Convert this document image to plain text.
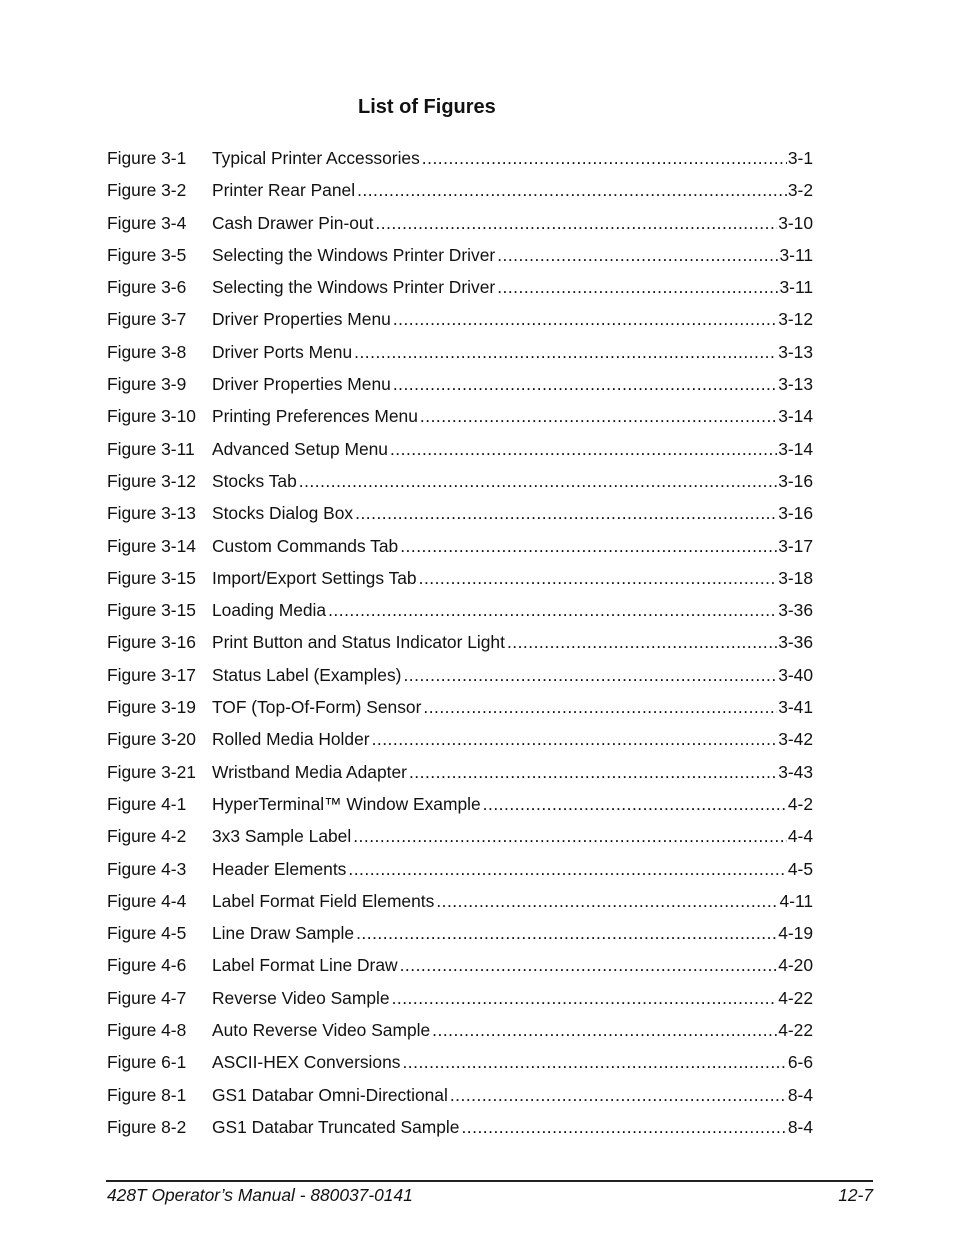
List of Figures
Figure 3-1	Typical Printer Accessories .....	3-1
Figure 3-2	Printer Rear Panel .....	3-2
Figure 3-4	Cash Drawer Pin-out .....	3-10
Figure 3-5	Selecting the Windows Printer Driver .....	3-11
Figure 3-6	Selecting the Windows Printer Driver .....	3-11
Figure 3-7	Driver Properties Menu .....	3-12
Figure 3-8	Driver Ports Menu .....	3-13
Figure 3-9	Driver Properties Menu .....	3-13
Figure 3-10 Printing Preferences Menu .....	3-14
Figure 3-11 Advanced Setup Menu .....	3-14
Figure 3-12 Stocks Tab .....	3-16
Figure 3-13 Stocks Dialog Box .....	3-16
Figure 3-14 Custom Commands Tab .....	3-17
Figure 3-15 Import/Export Settings Tab .....	3-18
Figure 3-15 Loading Media .....	3-36
Figure 3-16 Print Button and Status Indicator Light .....	3-36
Figure 3-17 Status Label (Examples) .....	3-40
Figure 3-19 TOF (Top-Of-Form) Sensor .....	3-41
Figure 3-20 Rolled Media Holder .....	3-42
Figure 3-21 Wristband Media Adapter .....	3-43
Figure 4-1	HyperTerminal™ Window Example .....	4-2
Figure 4-2	3x3 Sample Label .....	4-4
Figure 4-3	Header Elements .....	4-5
Figure 4-4	Label Format Field Elements .....	4-11
Figure 4-5	Line Draw Sample .....	4-19
Figure 4-6	Label Format Line Draw .....	4-20
Figure 4-7	Reverse Video Sample .....	4-22
Figure 4-8	Auto Reverse Video Sample .....	4-22
Figure 6-1	ASCII-HEX Conversions .....	6-6
Figure 8-1	GS1 Databar Omni-Directional .....	8-4
Figure 8-2	GS1 Databar Truncated Sample .....	8-4
428T Operator’s Manual - 880037-0141	12-7
